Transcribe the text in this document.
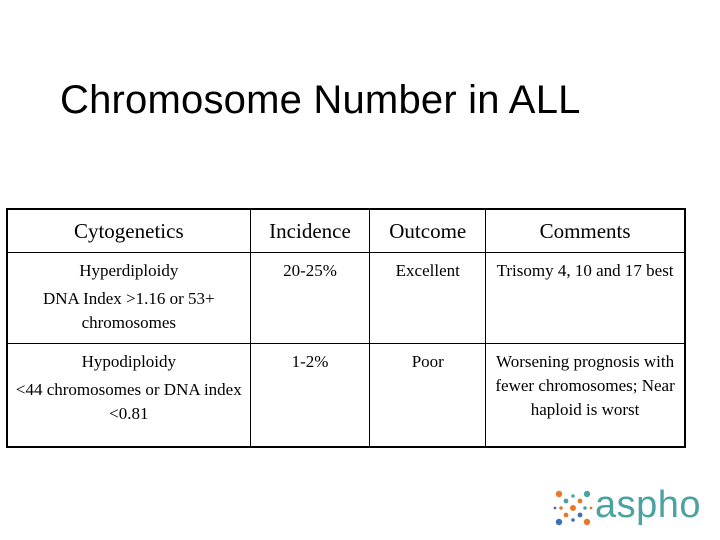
Chromosome Number in ALL
Cytogenetics	Incidence	Outcome	Comments

Hyperdiploidy
DNA Index >1.16 or 53+ chromosomes	20-25%	Excellent	Trisomy 4, 10 and 17 best

Hypodiploidy
<44 chromosomes or DNA index <0.81	1-2%	Poor	Worsening prognosis with fewer chromosomes; Near haploid is worst
aspho
